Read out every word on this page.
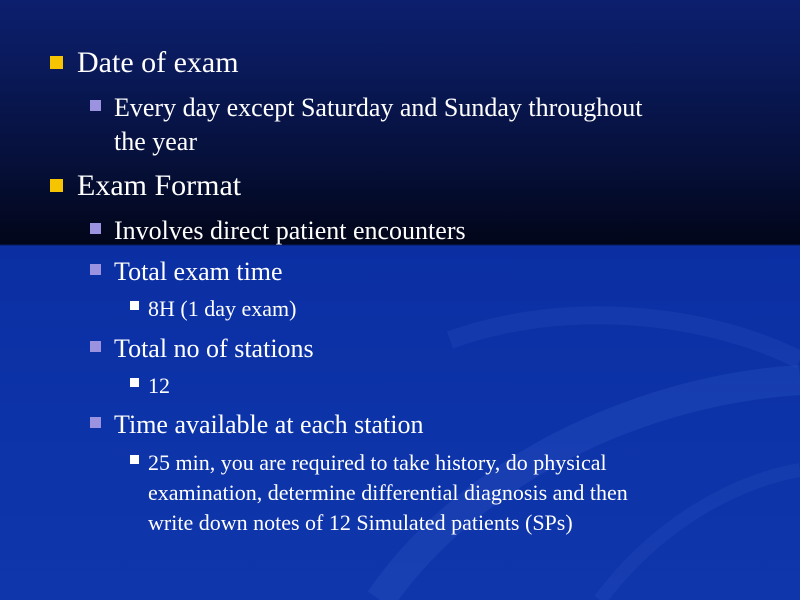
Date of exam
Every day except Saturday and Sunday throughout
the year
Exam Format
Involves direct patient encounters
Total exam time
8H (1 day exam)
Total no of stations
12
Time available at each station
25 min, you are required to take history, do physical
examination, determine differential diagnosis and then
write down notes of 12 Simulated patients (SPs)
